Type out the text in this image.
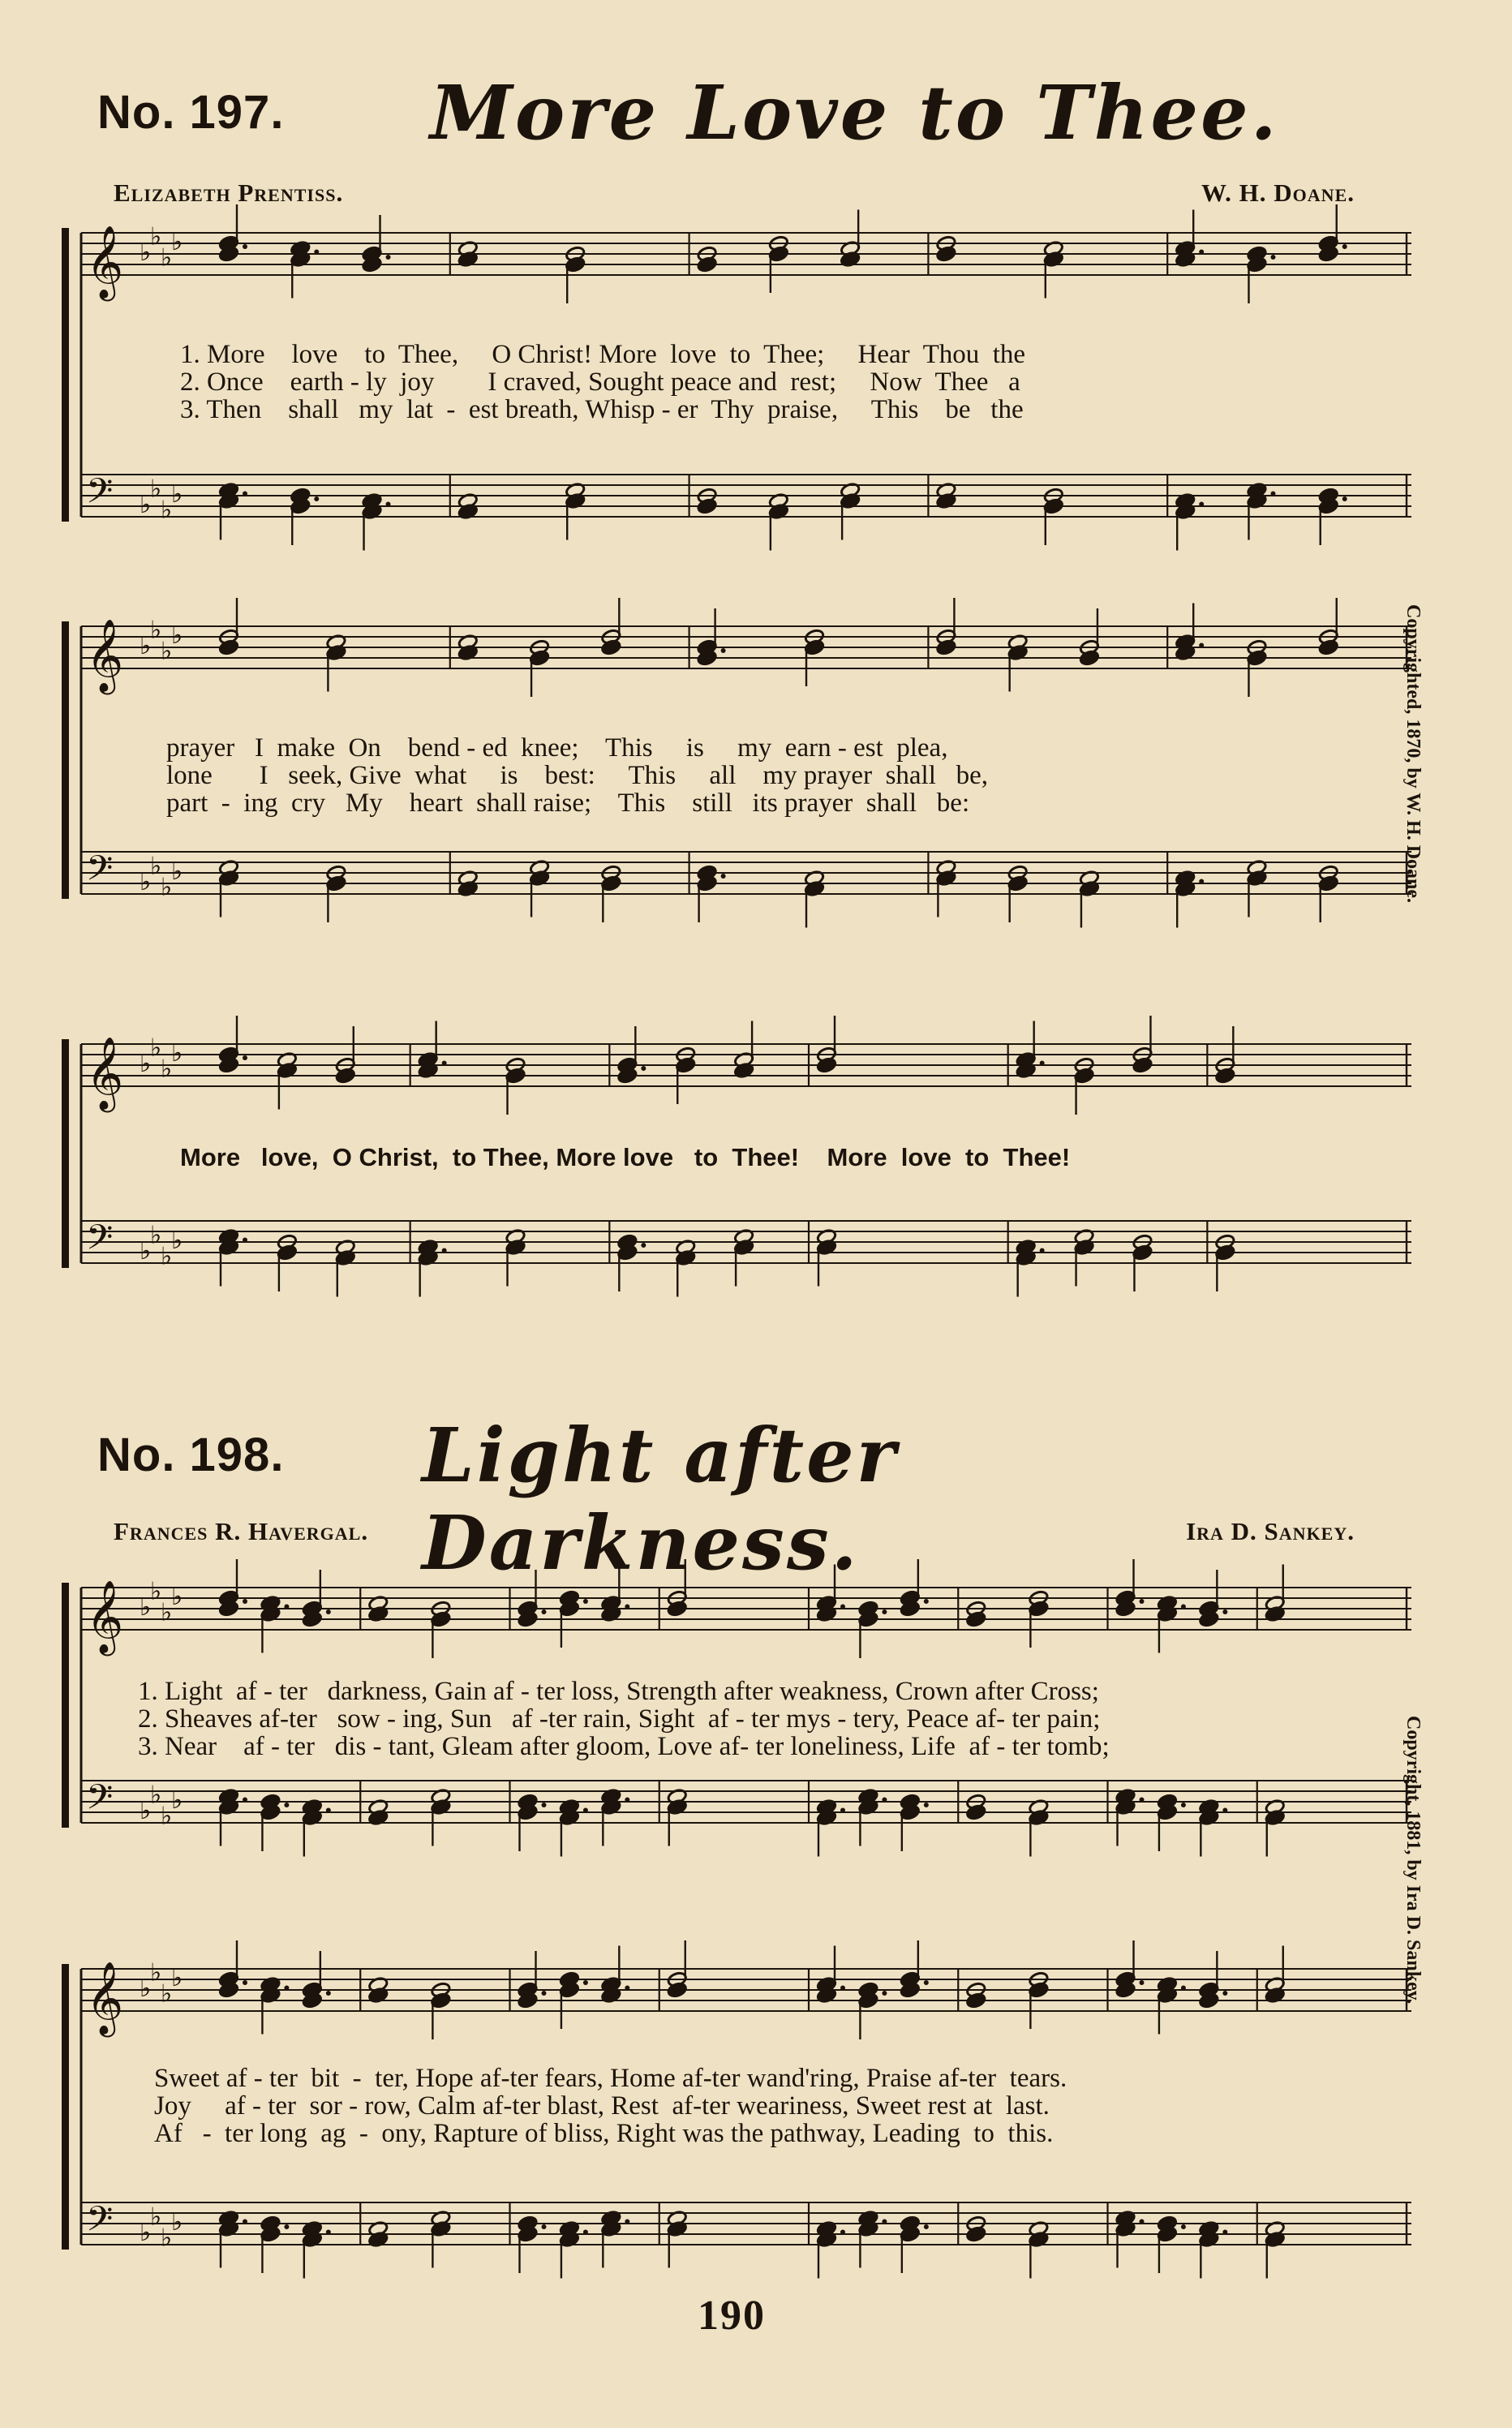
No. 197. More Love to Thee.
Elizabeth Prentiss.	W. H. Doane.
𝄞 ♭
♭
♭
♭
𝄢 ♭
♭
♭
♭
1. More    love    to  Thee,     O Christ! More  love  to  Thee;     Hear  Thou  the
2. Once    earth - ly  joy        I craved, Sought peace and  rest;     Now  Thee   a
3. Then    shall   my  lat  -  est breath, Whisp - er  Thy  praise,     This    be   the
𝄞 ♭
♭
♭
♭
𝄢 ♭
♭
♭
♭
prayer   I  make  On    bend - ed  knee;    This     is     my  earn - est  plea,
lone       I   seek, Give  what     is    best:     This     all    my prayer  shall   be,
part  -  ing  cry   My    heart  shall raise;    This    still   its prayer  shall   be:
𝄞 ♭
♭
♭
♭
𝄢 ♭
♭
♭
♭
More   love,  O Christ,  to Thee, More love   to  Thee!    More  love  to  Thee!
Copyrighted, 1870, by W. H. Doane.
No. 198. Light after Darkness.
Frances R. Havergal.	Ira D. Sankey.
𝄞 ♭
♭
♭
♭
𝄢 ♭
♭
♭
♭
1. Light  af - ter   darkness, Gain af - ter loss, Strength after weakness, Crown after Cross;
2. Sheaves af-ter   sow - ing, Sun   af -ter rain, Sight  af - ter mys - tery, Peace af- ter pain;
3. Near    af - ter   dis - tant, Gleam after gloom, Love af- ter loneliness, Life  af - ter tomb;
𝄞 ♭
♭
♭
♭
𝄢 ♭
♭
♭
♭
Sweet af - ter  bit  -  ter, Hope af-ter fears, Home af-ter wand'ring, Praise af-ter  tears.
Joy     af - ter  sor - row, Calm af-ter blast, Rest  af-ter weariness, Sweet rest at  last.
Af   -  ter long  ag  -  ony, Rapture of bliss, Right was the pathway, Leading  to  this.
Copyright, 1881, by Ira D. Sankey.
190
